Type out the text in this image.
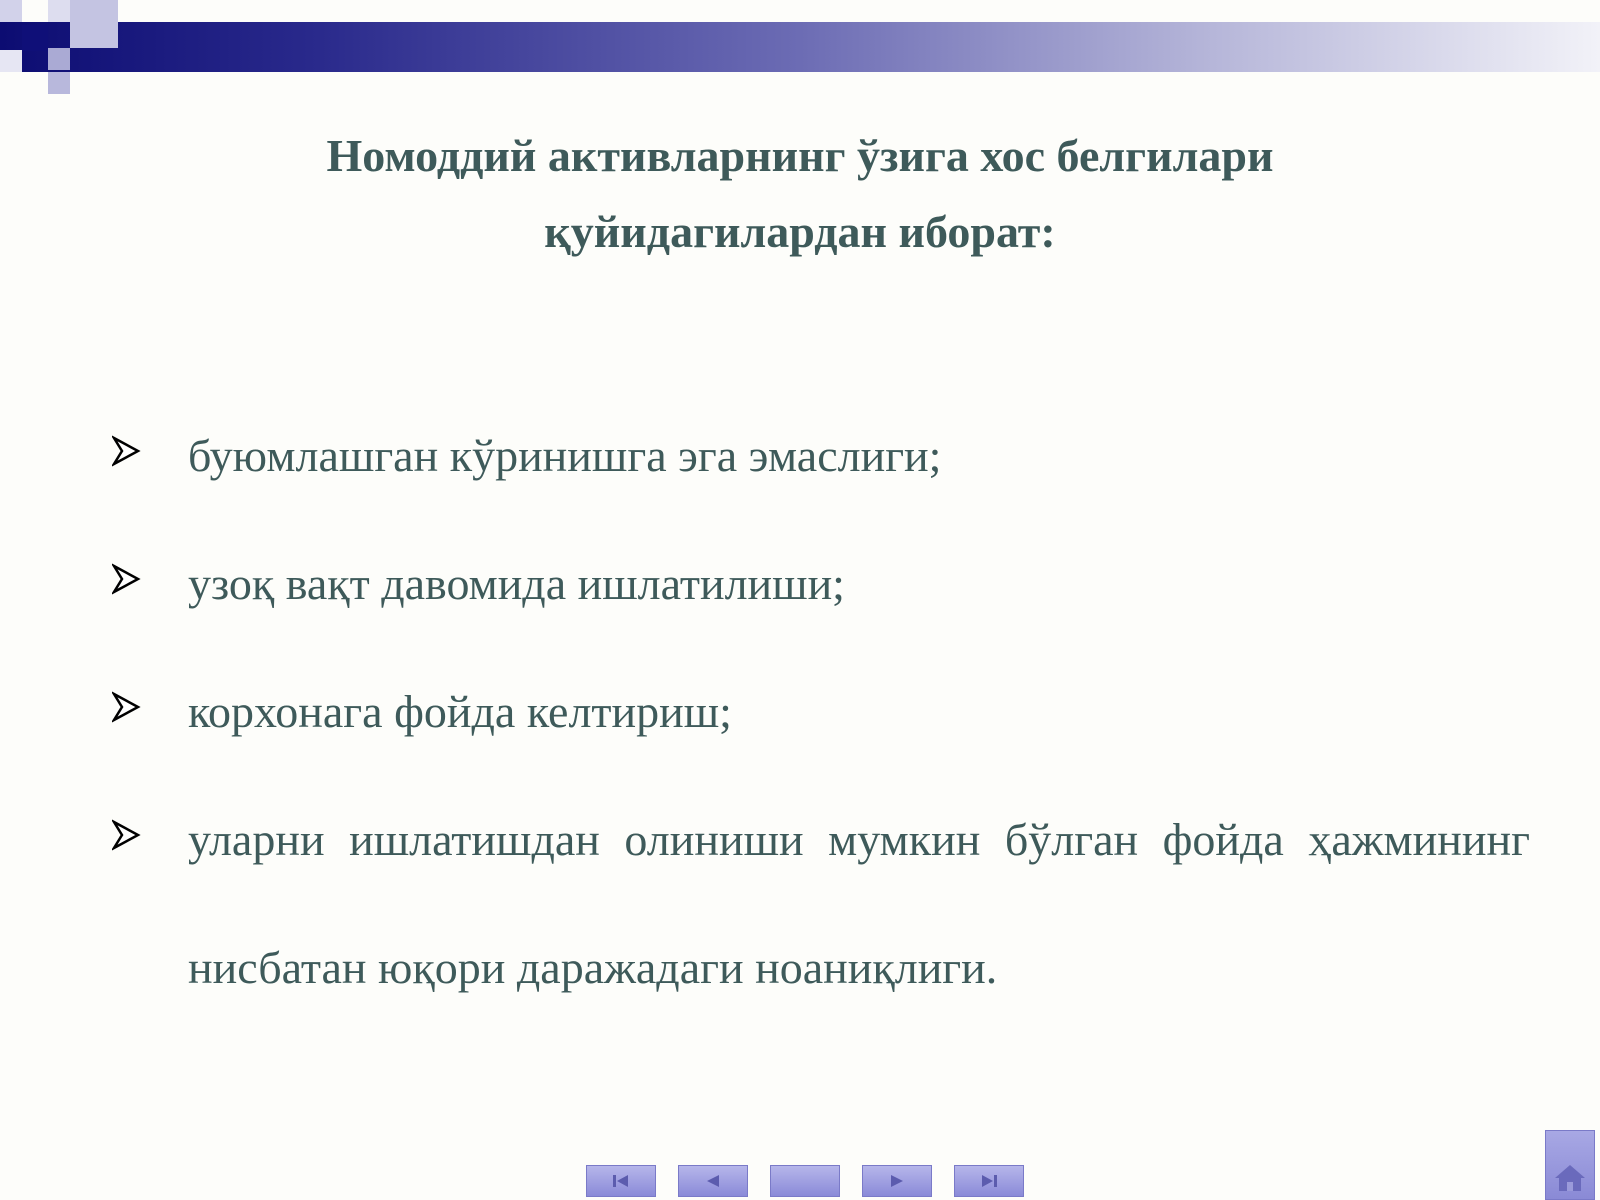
Номоддий активларнинг ўзига хос белгилари қуйидагилардан иборат:

буюмлашган кўринишга эга эмаслиги;

узоқ вақт давомида ишлатилиши;

корхонага фойда келтириш;

уларни ишлатишдан олиниши мумкин бўлган фойда ҳажмининг нисбатан юқори даражадаги ноаниқлиги.
